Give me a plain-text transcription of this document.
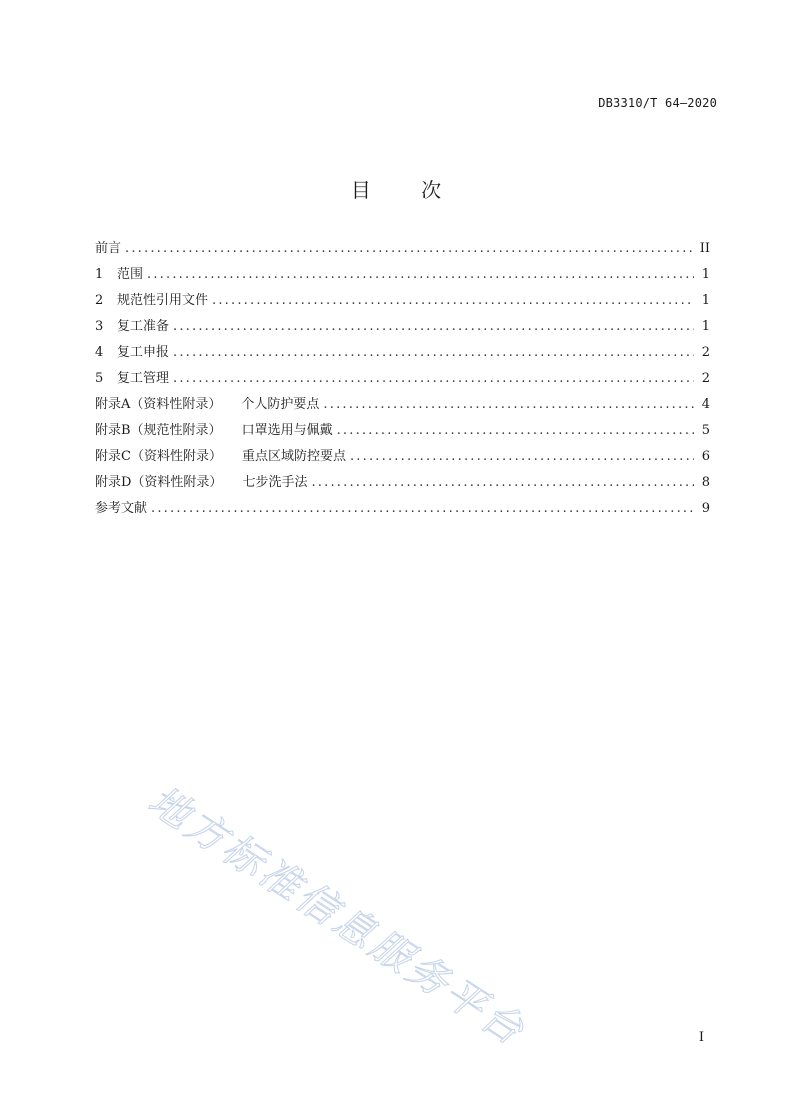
DB3310/T 64—2020
目 次
前言 .....	II
1	范围 .....	1
2	规范性引用文件 .....	1
3	复工准备 .....	1
4	复工申报 .....	2
5	复工管理 .....	2
附录A（资料性附录） 个人防护要点 .....	4
附录B（规范性附录） 口罩选用与佩戴 .....	5
附录C（资料性附录） 重点区域防控要点 .....	6
附录D（资料性附录） 七步洗手法 .....	8
参考文献 .....	9
地方标准信息服务平台	I
